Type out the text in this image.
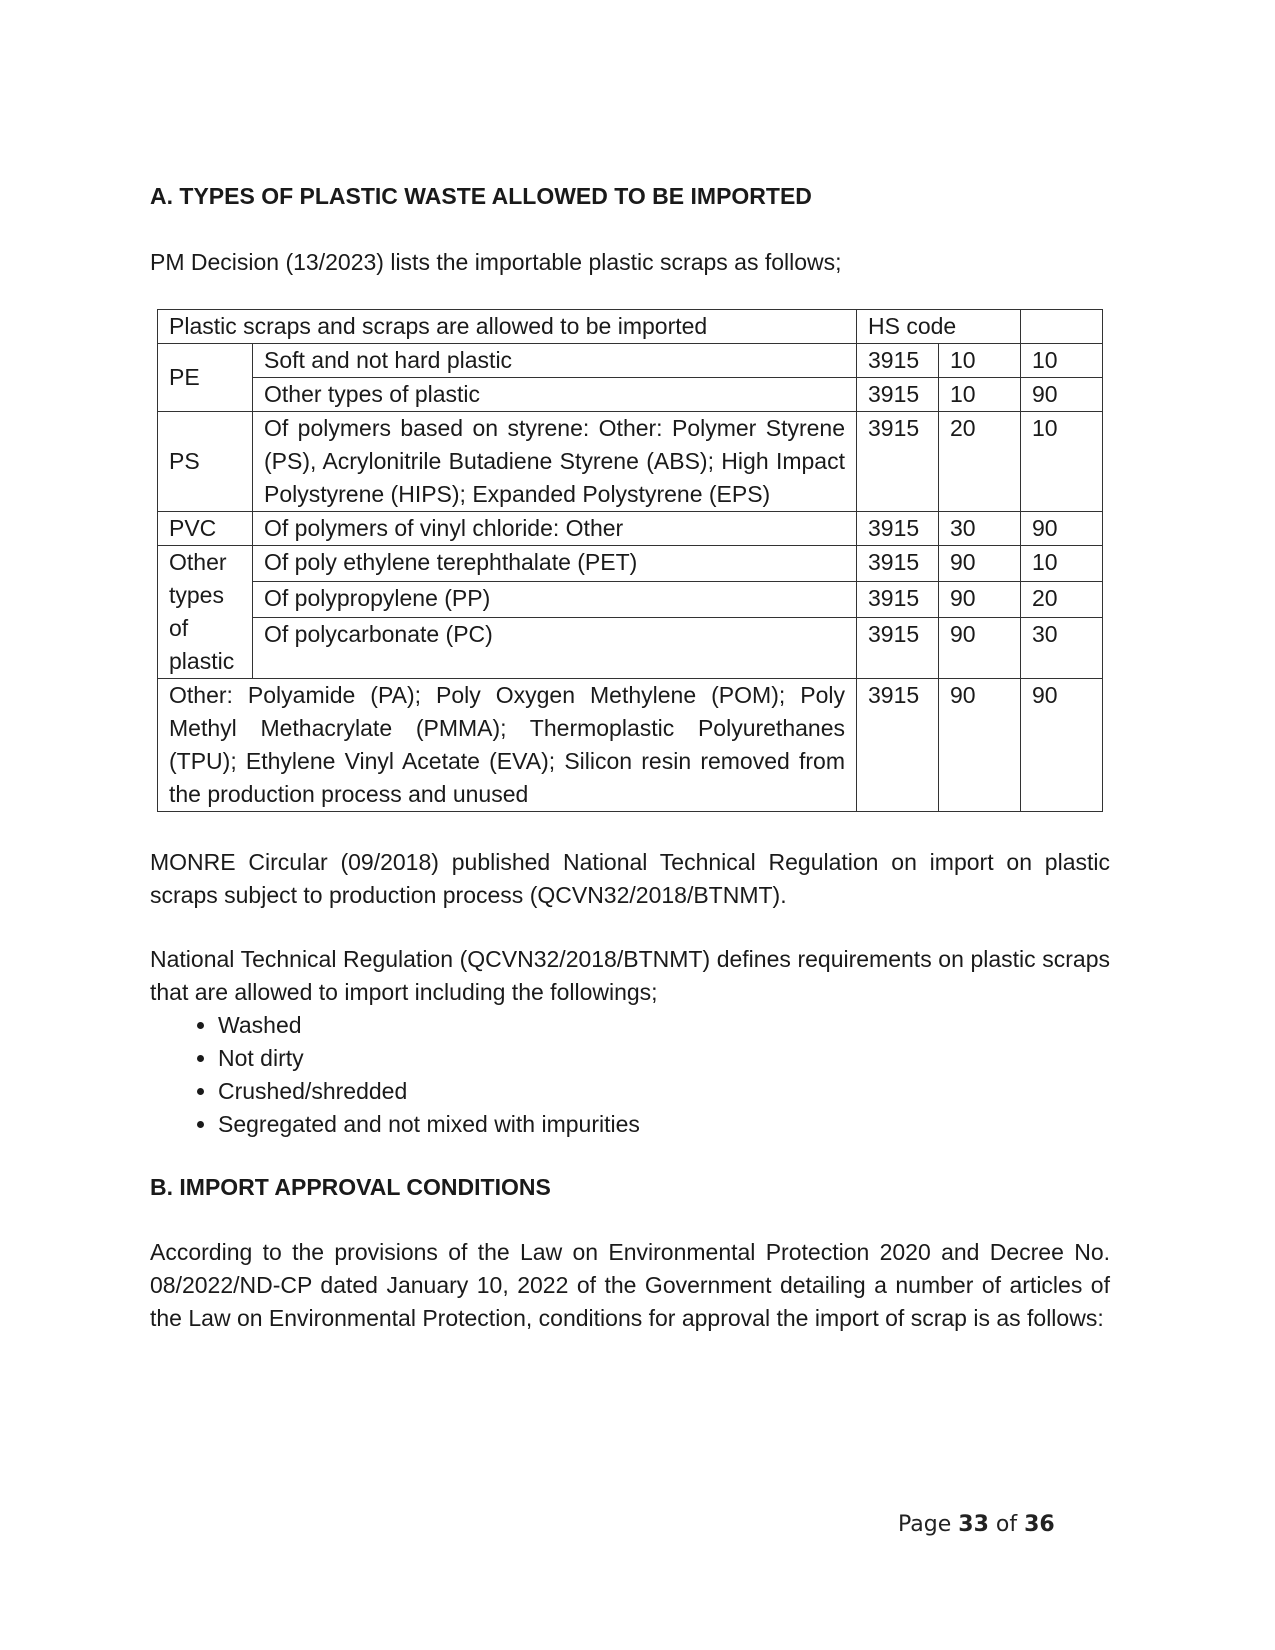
A. TYPES OF PLASTIC WASTE ALLOWED TO BE IMPORTED

PM Decision (13/2023) lists the importable plastic scraps as follows;

Plastic scraps and scraps are allowed to be imported		HS code		
PE	Soft and not hard plastic	3915	10	10
	Other types of plastic	3915	10	90
PS	Of polymers based on styrene: Other: Polymer Styrene (PS), Acrylonitrile Butadiene Styrene (ABS); High Impact Polystyrene (HIPS); Expanded Polystyrene (EPS)	3915	20	10
PVC	Of polymers of vinyl chloride: Other	3915	30	90
Other types of plastic	Of poly ethylene terephthalate (PET)	3915	90	10
	Of polypropylene (PP)	3915	90	20
	Of polycarbonate (PC)	3915	90	30
Other: Polyamide (PA); Poly Oxygen Methylene (POM); Poly Methyl Methacrylate (PMMA); Thermoplastic Polyurethanes (TPU); Ethylene Vinyl Acetate (EVA); Silicon resin removed from the production process and unused		3915	90	90

MONRE Circular (09/2018) published National Technical Regulation on import on plastic scraps subject to production process (QCVN32/2018/BTNMT).

National Technical Regulation (QCVN32/2018/BTNMT) defines requirements on plastic scraps that are allowed to import including the followings;

• Washed
• Not dirty
• Crushed/shredded
• Segregated and not mixed with impurities
B. IMPORT APPROVAL CONDITIONS

According to the provisions of the Law on Environmental Protection 2020 and Decree No. 08/2022/ND-CP dated January 10, 2022 of the Government detailing a number of articles of the Law on Environmental Protection, conditions for approval the import of scrap is as follows:

Page 33 of 36
